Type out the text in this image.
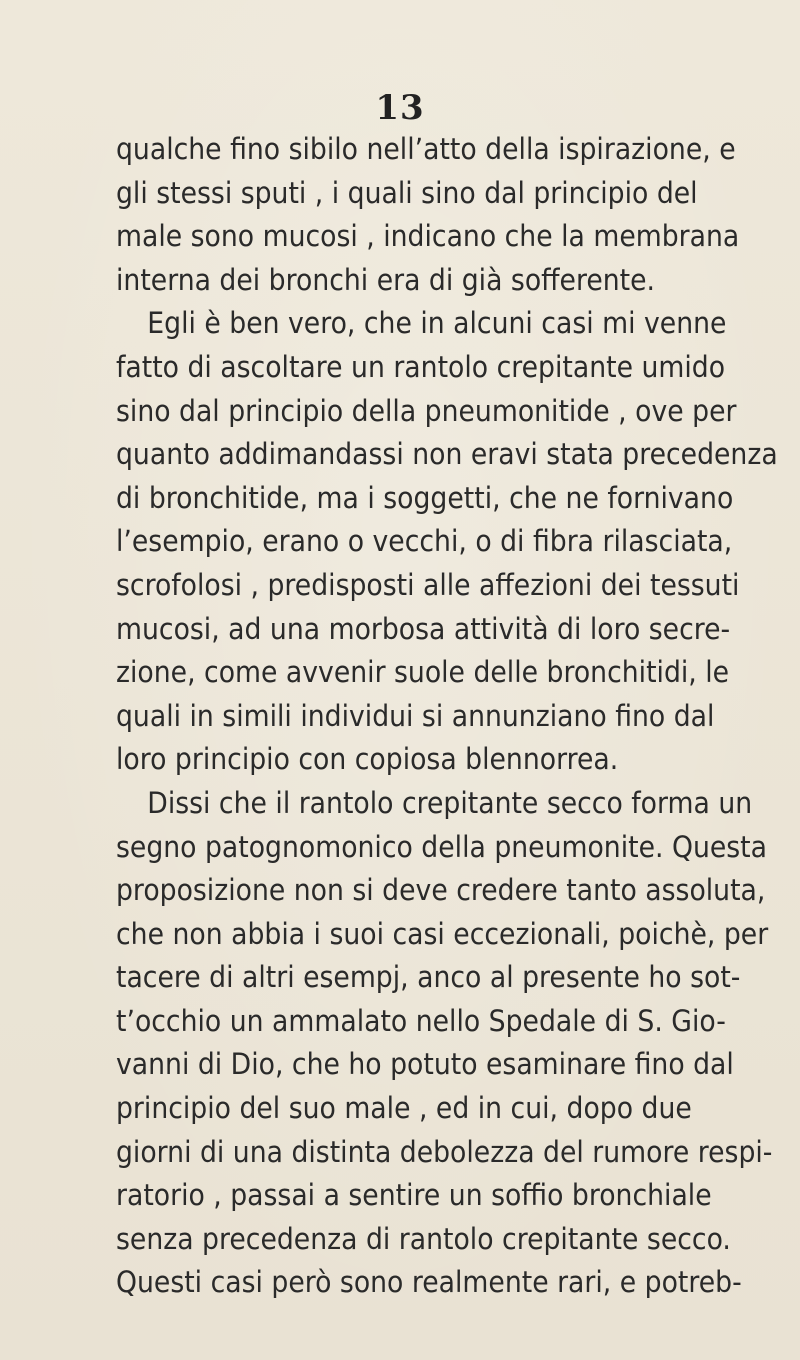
13
qualche fino sibilo nell’atto della ispirazione, e
gli stessi sputi , i quali sino dal principio del
male sono mucosi , indicano che la membrana
interna dei bronchi era di già sofferente.
Egli è ben vero, che in alcuni casi mi venne
fatto di ascoltare un rantolo crepitante umido
sino dal principio della pneumonitide , ove per
quanto addimandassi non eravi stata precedenza
di bronchitide, ma i soggetti, che ne fornivano
l’esempio, erano o vecchi, o di fibra rilasciata,
scrofolosi , predisposti alle affezioni dei tessuti
mucosi, ad una morbosa attività di loro secre-
zione, come avvenir suole delle bronchitidi, le
quali in simili individui si annunziano fino dal
loro principio con copiosa blennorrea.
Dissi che il rantolo crepitante secco forma un
segno patognomonico della pneumonite. Questa
proposizione non si deve credere tanto assoluta,
che non abbia i suoi casi eccezionali, poichè, per
tacere di altri esempj, anco al presente ho sot-
t’occhio un ammalato nello Spedale di S. Gio-
vanni di Dio, che ho potuto esaminare fino dal
principio del suo male , ed in cui, dopo due
giorni di una distinta debolezza del rumore respi-
ratorio , passai a sentire un soffio bronchiale
senza precedenza di rantolo crepitante secco.
Questi casi però sono realmente rari, e potreb-
